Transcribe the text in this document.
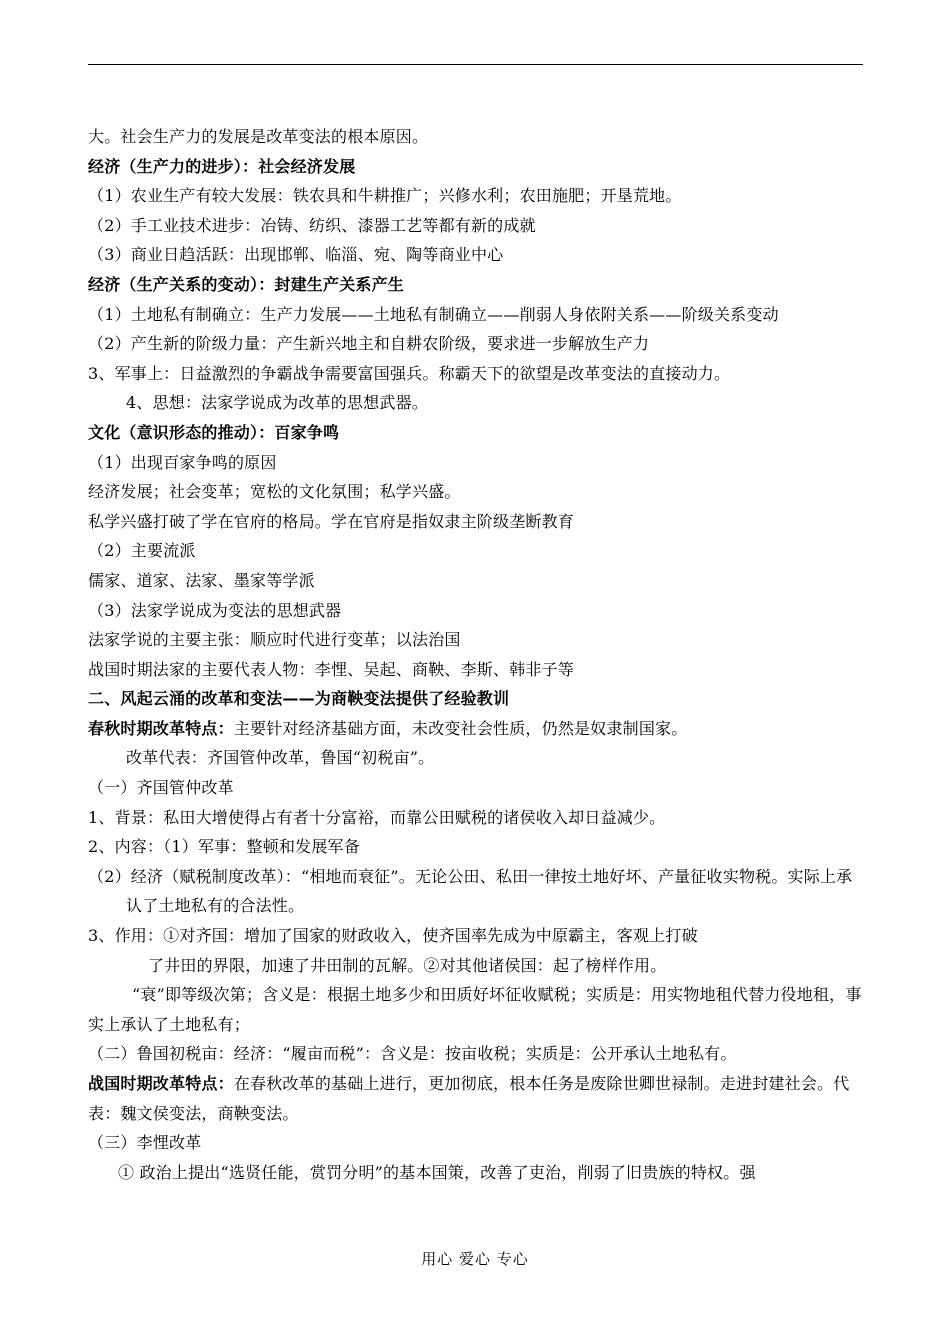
大。社会生产力的发展是改革变法的根本原因。
经济（生产力的进步）：社会经济发展
（1）农业生产有较大发展：铁农具和牛耕推广；兴修水利；农田施肥；开垦荒地。
（2）手工业技术进步：冶铸、纺织、漆器工艺等都有新的成就
（3）商业日趋活跃：出现邯郸、临淄、宛、陶等商业中心
经济（生产关系的变动）：封建生产关系产生
（1）土地私有制确立：生产力发展——土地私有制确立——削弱人身依附关系——阶级关系变动
（2）产生新的阶级力量：产生新兴地主和自耕农阶级，要求进一步解放生产力
3、军事上：日益激烈的争霸战争需要富国强兵。称霸天下的欲望是改革变法的直接动力。
4、思想：法家学说成为改革的思想武器。
文化（意识形态的推动）：百家争鸣
（1）出现百家争鸣的原因
经济发展；社会变革；宽松的文化氛围；私学兴盛。
私学兴盛打破了学在官府的格局。学在官府是指奴隶主阶级垄断教育
（2）主要流派
儒家、道家、法家、墨家等学派
（3）法家学说成为变法的思想武器
法家学说的主要主张：顺应时代进行变革；以法治国
战国时期法家的主要代表人物：李悝、吴起、商鞅、李斯、韩非子等
二、风起云涌的改革和变法——为商鞅变法提供了经验教训
春秋时期改革特点：主要针对经济基础方面，未改变社会性质，仍然是奴隶制国家。
改革代表：齐国管仲改革，鲁国“初税亩”。
（一）齐国管仲改革
1、背景：私田大增使得占有者十分富裕，而靠公田赋税的诸侯收入却日益减少。
2、内容：（1）军事：整顿和发展军备
（2）经济（赋税制度改革）：“相地而衰征”。无论公田、私田一律按土地好坏、产量征收实物税。实际上承认了土地私有的合法性。
3、作用：①对齐国：增加了国家的财政收入，使齐国率先成为中原霸主，客观上打破
了井田的界限，加速了井田制的瓦解。②对其他诸侯国：起了榜样作用。
“衰”即等级次第；含义是：根据土地多少和田质好坏征收赋税；实质是：用实物地租代替力役地租，事实上承认了土地私有；
（二）鲁国初税亩：经济：“履亩而税”：含义是：按亩收税；实质是：公开承认土地私有。
战国时期改革特点：在春秋改革的基础上进行，更加彻底，根本任务是废除世卿世禄制。走进封建社会。代表：魏文侯变法，商鞅变法。
（三）李悝改革
① 政治上提出“选贤任能，赏罚分明”的基本国策，改善了吏治，削弱了旧贵族的特权。强
用心 爱心 专心
